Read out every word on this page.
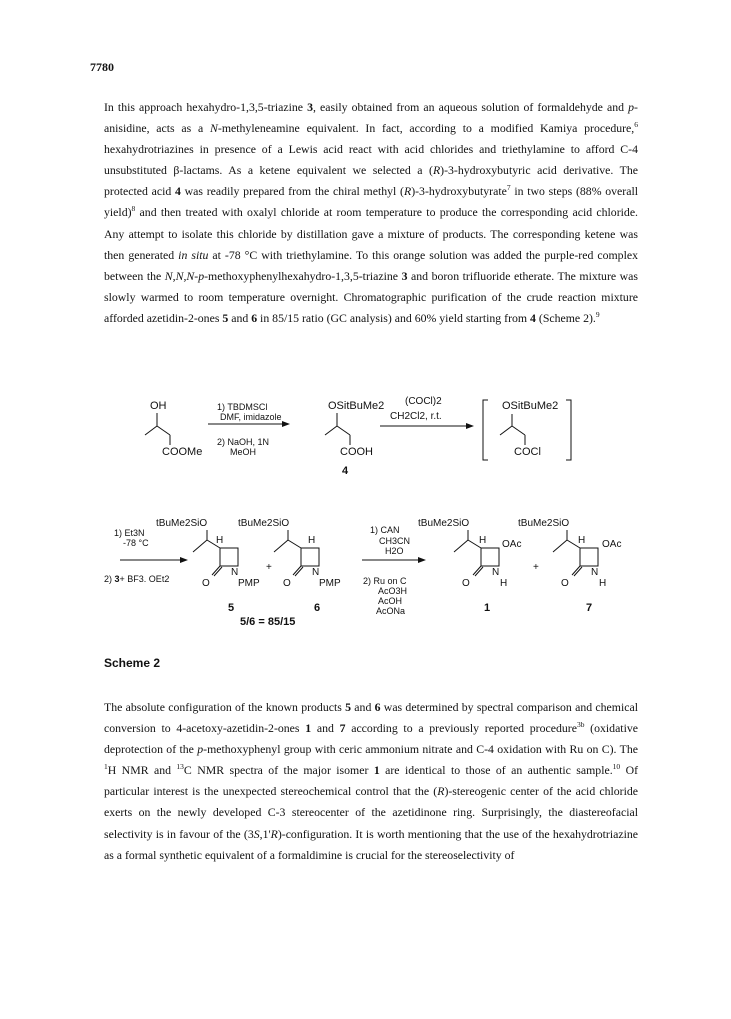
7780
In this approach hexahydro-1,3,5-triazine 3, easily obtained from an aqueous solution of formaldehyde and p-anisidine, acts as a N-methyleneamine equivalent. In fact, according to a modified Kamiya procedure,$^6$ hexahydrotriazines in presence of a Lewis acid react with acid chlorides and triethylamine to afford C-4 unsubstituted β-lactams. As a ketene equivalent we selected a (R)-3-hydroxybutyric acid derivative. The protected acid 4 was readily prepared from the chiral methyl (R)-3-hydroxybutyrate$^7$ in two steps (88% overall yield)$^8$ and then treated with oxalyl chloride at room temperature to produce the corresponding acid chloride. Any attempt to isolate this chloride by distillation gave a mixture of products. The corresponding ketene was then generated in situ at -78 °C with triethylamine. To this orange solution was added the purple-red complex between the N,N,N-p-methoxyphenylhexahydro-1,3,5-triazine 3 and boron trifluoride etherate. The mixture was slowly warmed to room temperature overnight. Chromatographic purification of the crude reaction mixture afforded azetidin-2-ones 5 and 6 in 85/15 ratio (GC analysis) and 60% yield starting from 4 (Scheme 2).$^9$
OH
COOMe
1) TBDMSCl
DMF, imidazole
2) NaOH, 1N
MeOH
OSitBuMe2
COOH
4
(COCl)2
CH2Cl2, r.t.
OSitBuMe2
COCl
1) Et3N
-78 °C
2) 3+ BF3. OEt2
tBuMe2SiO
H
N
O	PMP
5
+
tBuMe2SiO
H
N
O	PMP
6
5/6 = 85/15
1) CAN
CH3CN
H2O
2) Ru on C
AcO3H
AcOH
AcONa
tBuMe2SiO
H OAc
N
O	H
1
+
tBuMe2SiO
H OAc
N
O	H
7
Scheme 2
The absolute configuration of the known products 5 and 6 was determined by spectral comparison and chemical conversion to 4-acetoxy-azetidin-2-ones 1 and 7 according to a previously reported procedure$^{3b}$ (oxidative deprotection of the p-methoxyphenyl group with ceric ammonium nitrate and C-4 oxidation with Ru on C). The $^1$H NMR and $^{13}$C NMR spectra of the major isomer 1 are identical to those of an authentic sample.$^{10}$ Of particular interest is the unexpected stereochemical control that the (R)-stereogenic center of the acid chloride exerts on the newly developed C-3 stereocenter of the azetidinone ring. Surprisingly, the diastereofacial selectivity is in favour of the (3S,1'R)-configuration. It is worth mentioning that the use of the hexahydrotriazine as a formal synthetic equivalent of a formaldimine is crucial for the stereoselectivity of
